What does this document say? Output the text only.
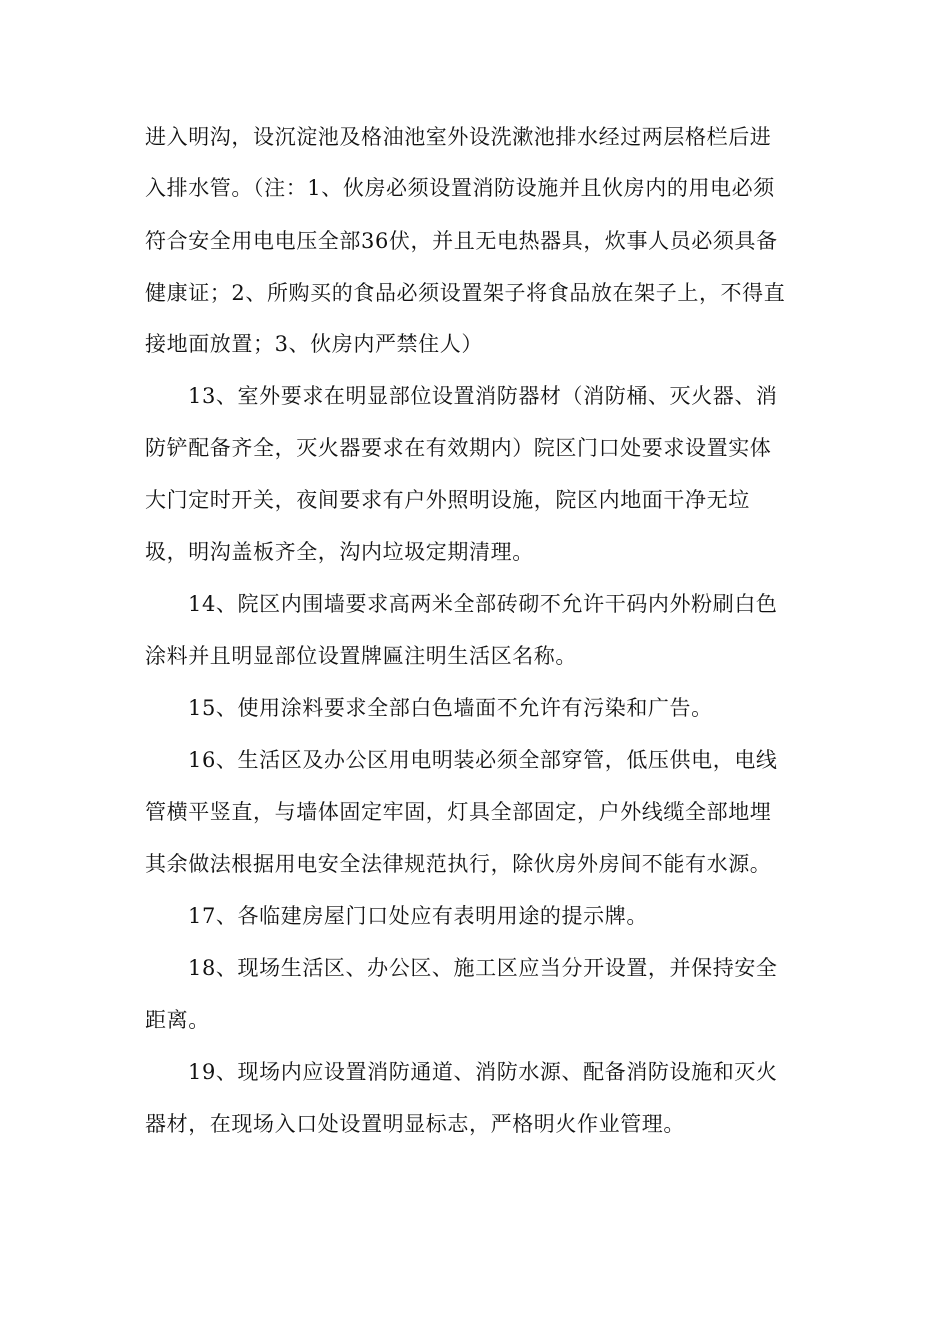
进入明沟，设沉淀池及格油池室外设洗漱池排水经过两层格栏后进
入排水管。（注：1、伙房必须设置消防设施并且伙房内的用电必须
符合安全用电电压全部36伏，并且无电热器具，炊事人员必须具备
健康证；2、所购买的食品必须设置架子将食品放在架子上，不得直
接地面放置；3、伙房内严禁住人）
13、室外要求在明显部位设置消防器材（消防桶、灭火器、消
防铲配备齐全，灭火器要求在有效期内）院区门口处要求设置实体
大门定时开关，夜间要求有户外照明设施，院区内地面干净无垃
圾，明沟盖板齐全，沟内垃圾定期清理。
14、院区内围墙要求高两米全部砖砌不允许干码内外粉刷白色
涂料并且明显部位设置牌匾注明生活区名称。
15、使用涂料要求全部白色墙面不允许有污染和广告。
16、生活区及办公区用电明装必须全部穿管，低压供电，电线
管横平竖直，与墙体固定牢固，灯具全部固定，户外线缆全部地埋
其余做法根据用电安全法律规范执行，除伙房外房间不能有水源。
17、各临建房屋门口处应有表明用途的提示牌。
18、现场生活区、办公区、施工区应当分开设置，并保持安全
距离。
19、现场内应设置消防通道、消防水源、配备消防设施和灭火
器材，在现场入口处设置明显标志，严格明火作业管理。
